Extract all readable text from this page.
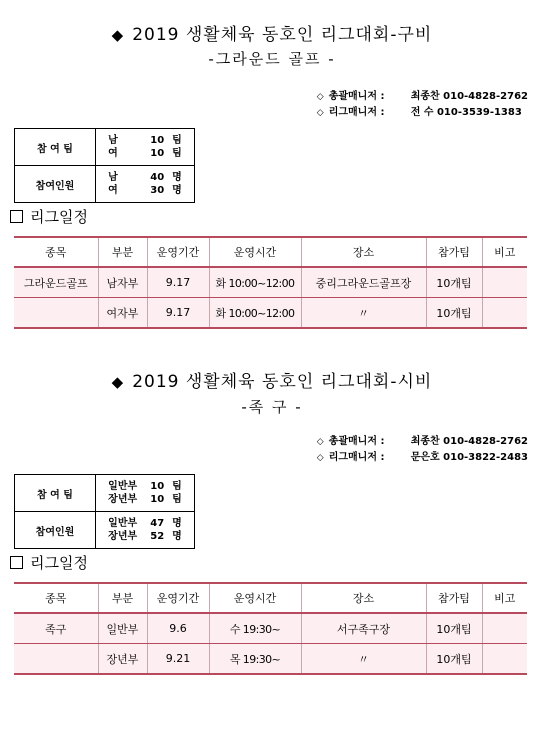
◆ 2019 생활체육 동호인 리그대회-구비
-그라운드 골프 -
◇ 총괄매니저 :	최종찬 010-4828-2762
◇ 리그매니저 :	전 수 010-3539-1383
참 여 팀	남 10 팀
여 10 팀

참여인원	남 40 명
여 30 명
리그일정
종목	부분	운영기간	운영시간	장소	참가팀	비고
그라운드골프	남자부	9.17	화 10:00~12:00	중리그라운드골프장	10개팀	
	여자부	9.17	화 10:00~12:00	〃	10개팀	
◆ 2019 생활체육 동호인 리그대회-시비
-족 구 -
◇ 총괄매니저 :	최종찬 010-4828-2762
◇ 리그매니저 :	문은호 010-3822-2483
참 여 팀	일반부 10 팀
장년부 10 팀

참여인원	일반부 47 명
장년부 52 명
리그일정
종목	부분	운영기간	운영시간	장소	참가팀	비고
족구	일반부	9.6	수 19:30~	서구족구장	10개팀	
	장년부	9.21	목 19:30~	〃	10개팀	
